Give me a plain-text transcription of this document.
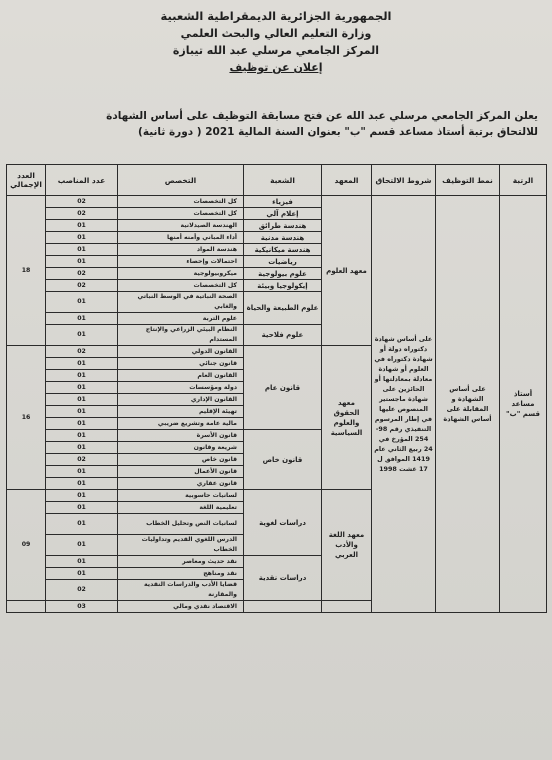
الجمهورية الجزائرية الديمقراطية الشعبية
وزارة التعليم العالي والبحث العلمي
المركز الجامعي مرسلي عبد الله تيبازة
إعلان عن توظيف
يعلن المركز الجامعي مرسلي عبد الله عن فتح مسابقة التوظيف على أساس الشهادة
للالتحاق برتبة أستاذ مساعد قسم "ب" بعنوان السنة المالية 2021 ( دورة ثانية)
الرتبة	نمط التوظيف	شروط الالتحاق	المعهد	الشعبة	التخصص	عدد المناصب	العدد الإجمالي
أستاذ مساعد قسم "ب"	على أساس الشهادة و المقابلة على أساس الشهادة	على أساس شهادة دكتوراه دولة أو شهادة دكتوراه في العلوم أو شهادة معادلة بمعادلتها أو الحائزين على شهادة ماجستير المنصوص عليها في إطار المرسوم التنفيذي رقم 98-254 المؤرخ في 24 ربيع الثاني عام 1419 الموافق ل 17 غشت 1998	معهد العلوم	فيزياء	كل التخصصات	02	18
				إعلام آلي	كل التخصصات	02	
				هندسة طرائق	الهندسة الصيدلانية	01	
				هندسة مدنية	أداء المباني وأمنه أمنها	01	
				هندسة ميكانيكية	هندسة المواد	01	
				رياضيات	احتمالات وإحصاء	01	
				علوم بيولوجية	ميكروبيولوجية	02	
				إيكولوجيا وبيئة	كل التخصصات	02	
				علوم الطبيعة والحياة	الصحة النباتية في الوسط النباتي والغابي	01	
					علوم التربة	01	
				علوم فلاحية	النظام البيئي الزراعي والإنتاج المستدام	01	
			معهد الحقوق والعلوم السياسية	قانون عام	القانون الدولي	02	16
					قانون جنائي	01	
					القانون العام	01	
					دولة ومؤسسات	01	
					القانون الإداري	01	
					تهيئة الإقليم	01	
					مالية عامة وتشريع ضريبي	01	
				قانون خاص	قانون الأسرة	01	
					شريعة وقانون	01	
					قانون خاص	02	
					قانون الأعمال	01	
					قانون عقاري	01	
			معهد اللغة والأدب العربي	دراسات لغوية	لسانيات حاسوبية	01	09
					تعليمية اللغة	01	
					لسانيات النص وتحليل الخطاب	01	
					الدرس اللغوي القديم وتداوليات الخطاب	01	
				دراسات نقدية	نقد حديث ومعاصر	01	
					نقد ومناهج	01	
					قضايا الأدب والدراسات النقدية والمقارنة	02	
					الاقتصاد نقدي ومالي	03	
